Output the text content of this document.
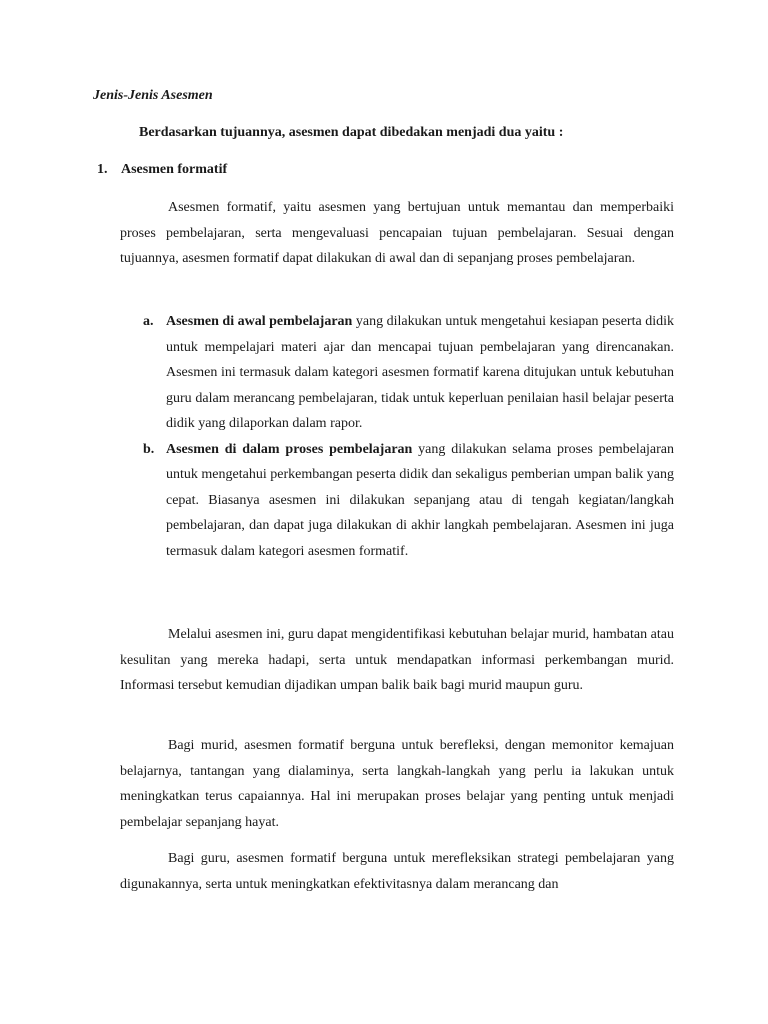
Jenis-Jenis Asesmen
Berdasarkan tujuannya, asesmen dapat dibedakan menjadi dua yaitu :
1. Asesmen formatif

Asesmen formatif, yaitu asesmen yang bertujuan untuk memantau dan memperbaiki proses pembelajaran, serta mengevaluasi pencapaian tujuan pembelajaran. Sesuai dengan tujuannya, asesmen formatif dapat dilakukan di awal dan di sepanjang proses pembelajaran.

a. Asesmen di awal pembelajaran yang dilakukan untuk mengetahui kesiapan peserta didik untuk mempelajari materi ajar dan mencapai tujuan pembelajaran yang direncanakan. Asesmen ini termasuk dalam kategori asesmen formatif karena ditujukan untuk kebutuhan guru dalam merancang pembelajaran, tidak untuk keperluan penilaian hasil belajar peserta didik yang dilaporkan dalam rapor.
b. Asesmen di dalam proses pembelajaran yang dilakukan selama proses pembelajaran untuk mengetahui perkembangan peserta didik dan sekaligus pemberian umpan balik yang cepat. Biasanya asesmen ini dilakukan sepanjang atau di tengah kegiatan/langkah pembelajaran, dan dapat juga dilakukan di akhir langkah pembelajaran. Asesmen ini juga termasuk dalam kategori asesmen formatif.

Melalui asesmen ini, guru dapat mengidentifikasi kebutuhan belajar murid, hambatan atau kesulitan yang mereka hadapi, serta untuk mendapatkan informasi perkembangan murid. Informasi tersebut kemudian dijadikan umpan balik baik bagi murid maupun guru.

Bagi murid, asesmen formatif berguna untuk berefleksi, dengan memonitor kemajuan belajarnya, tantangan yang dialaminya, serta langkah-langkah yang perlu ia lakukan untuk meningkatkan terus capaiannya. Hal ini merupakan proses belajar yang penting untuk menjadi pembelajar sepanjang hayat.

Bagi guru, asesmen formatif berguna untuk merefleksikan strategi pembelajaran yang digunakannya, serta untuk meningkatkan efektivitasnya dalam merancang dan
